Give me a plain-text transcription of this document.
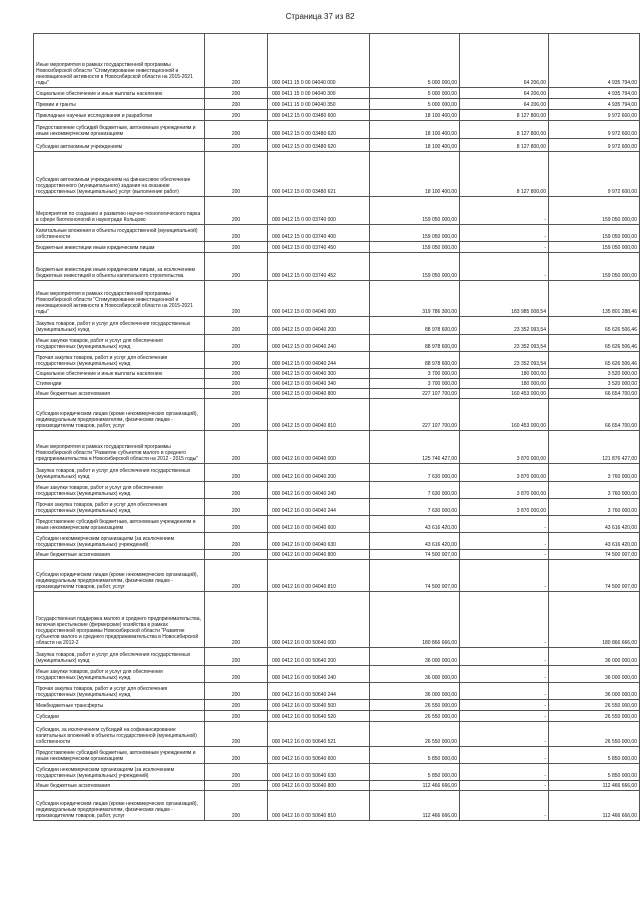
Страница 37 из 82
Иные мероприятия в рамках государственной программы Новосибирской области "Стимулирование инвестиционной и инновационной активности в Новосибирской области на 2015-2021 годы"	200	000 0411 15 0 00 04040 000	5 000 000,00	64 206,00	4 935 794,00
Социальное обеспечение и иные выплаты населению	200	000 0411 15 0 00 04040 300	5 000 000,00	64 206,00	4 935 794,00
Премии и гранты	200	000 0411 15 0 00 04040 350	5 000 000,00	64 206,00	4 935 794,00
Прикладные научные исследования и разработки	200	000 0412 15 0 00 03480 600	18 100 400,00	8 127 800,00	9 972 600,00
Предоставление субсидий бюджетным, автономным учреждениям и иным некоммерческим организациям	200	000 0412 15 0 00 03480 620	18 100 400,00	8 127 800,00	9 972 600,00
Субсидии автономным учреждениям	200	000 0412 15 0 00 03480 620	18 100 400,00	8 127 800,00	9 972 600,00
Субсидии автономным учреждениям на финансовое обеспечение государственного (муниципального) задания на оказание государственных (муниципальных) услуг (выполнение работ)	200	000 0412 15 0 00 03480 621	18 100 400,00	8 127 800,00	9 972 600,00
Мероприятия по созданию и развитию научно-технологического парка в сфере биотехнологий в наукограде Кольцово	200	000 0412 15 0 00 03740 000	159 050 000,00	-	159 050 000,00
Капитальные вложения в объекты государственной (муниципальной) собственности	200	000 0412 15 0 00 03740 400	159 050 000,00	-	159 050 000,00
Бюджетные инвестиции иным юридическим лицам	200	000 0412 15 0 00 03740 450	159 050 000,00	-	159 050 000,00
Бюджетные инвестиции иным юридическим лицам, за исключением бюджетных инвестиций в объекты капитального строительства	200	000 0412 15 0 00 03740 452	159 050 000,00	-	159 050 000,00
Иные мероприятия в рамках государственной программы Новосибирской области "Стимулирование инвестиционной и инновационной активности в Новосибирской области на 2015-2021 годы"	200	000 0412 15 0 00 04040 000	319 786 300,00	183 985 008,54	135 801 288,46
Закупка товаров, работ и услуг для обеспечения государственных (муниципальных) нужд	200	000 0412 15 0 00 04040 200	88 978 600,00	23 352 093,54	65 626 506,46
Иные закупки товаров, работ и услуг для обеспечения государственных (муниципальных) нужд	200	000 0412 15 0 00 04040 240	88 978 600,00	23 352 093,54	65 626 506,46
Прочая закупка товаров, работ и услуг для обеспечения государственных (муниципальных) нужд	200	000 0412 15 0 00 04040 244	88 978 600,00	23 352 093,54	65 626 506,46
Социальное обеспечение и иные выплаты населению	200	000 0412 15 0 00 04040 300	3 700 000,00	180 000,00	3 520 000,00
Стипендии	200	000 0412 15 0 00 04040 340	3 700 000,00	180 000,00	3 520 000,00
Иные бюджетные ассигнования	200	000 0412 15 0 00 04040 800	227 107 700,00	160 453 000,00	66 654 700,00
Субсидии юридическим лицам (кроме некоммерческих организаций), индивидуальным предпринимателям, физическим лицам - производителям товаров, работ, услуг	200	000 0412 15 0 00 04040 810	227 107 700,00	160 453 000,00	66 654 700,00
Иные мероприятия в рамках государственной программы Новосибирской области "Развитие субъектов малого и среднего предпринимательства в Новосибирской области на 2012 - 2015 годы"	200	000 0412 16 0 00 04040 000	125 746 427,00	3 870 000,00	121 876 427,00
Закупка товаров, работ и услуг для обеспечения государственных (муниципальных) нужд	200	000 0412 16 0 00 04040 200	7 630 000,00	3 870 000,00	3 760 000,00
Иные закупки товаров, работ и услуг для обеспечения государственных (муниципальных) нужд	200	000 0412 16 0 00 04040 240	7 630 000,00	3 870 000,00	3 760 000,00
Прочая закупка товаров, работ и услуг для обеспечения государственных (муниципальных) нужд	200	000 0412 16 0 00 04040 244	7 630 000,00	3 870 000,00	3 760 000,00
Предоставление субсидий бюджетным, автономным учреждениям и иным некоммерческим организациям	200	000 0412 16 0 00 04040 600	43 616 420,00	-	43 616 420,00
Субсидии некоммерческим организациям (за исключением государственных (муниципальных) учреждений)	200	000 0412 16 0 00 04040 630	43 616 420,00	-	43 616 420,00
Иные бюджетные ассигнования	200	000 0412 16 0 00 04040 800	74 500 007,00	-	74 500 007,00
Субсидии юридическим лицам (кроме некоммерческих организаций), индивидуальным предпринимателям, физическим лицам - производителям товаров, работ, услуг	200	000 0412 16 0 00 04040 810	74 500 007,00	-	74 500 007,00
Государственная поддержка малого и среднего предпринимательства, включая крестьянские (фермерские) хозяйства в рамках государственной программы Новосибирской области "Развитие субъектов малого и среднего предпринимательства в Новосибирской области на 2012-2	200	000 0412 16 0 00 50640 000	180 866 666,00	-	180 866 666,00
Закупка товаров, работ и услуг для обеспечения государственных (муниципальных) нужд	200	000 0412 16 0 00 50640 200	36 000 000,00	-	36 000 000,00
Иные закупки товаров, работ и услуг для обеспечения государственных (муниципальных) нужд	200	000 0412 16 0 00 50640 240	36 000 000,00	-	36 000 000,00
Прочая закупка товаров, работ и услуг для обеспечения государственных (муниципальных) нужд	200	000 0412 16 0 00 50640 244	36 000 000,00	-	36 000 000,00
Межбюджетные трансферты	200	000 0412 16 0 00 50640 500	26 550 000,00	-	26 550 000,00
Субсидии	200	000 0412 16 0 00 50640 520	26 550 000,00	-	26 550 000,00
Субсидии, за исключением субсидий на софинансирование капитальных вложений в объекты государственной (муниципальной) собственности	200	000 0412 16 0 00 50640 521	26 550 000,00	-	26 550 000,00
Предоставление субсидий бюджетным, автономным учреждениям и иным некоммерческим организациям	200	000 0412 16 0 00 50640 600	5 850 000,00	-	5 850 000,00
Субсидии некоммерческим организациям (за исключением государственных (муниципальных) учреждений)	200	000 0412 16 0 00 50640 630	5 850 000,00	-	5 850 000,00
Иные бюджетные ассигнования	200	000 0412 16 0 00 50640 800	112 466 666,00	-	112 466 666,00
Субсидии юридическим лицам (кроме некоммерческих организаций), индивидуальным предпринимателям, физическим лицам - производителям товаров, работ, услуг	200	000 0412 16 0 00 50640 810	112 466 666,00	-	112 466 666,00
